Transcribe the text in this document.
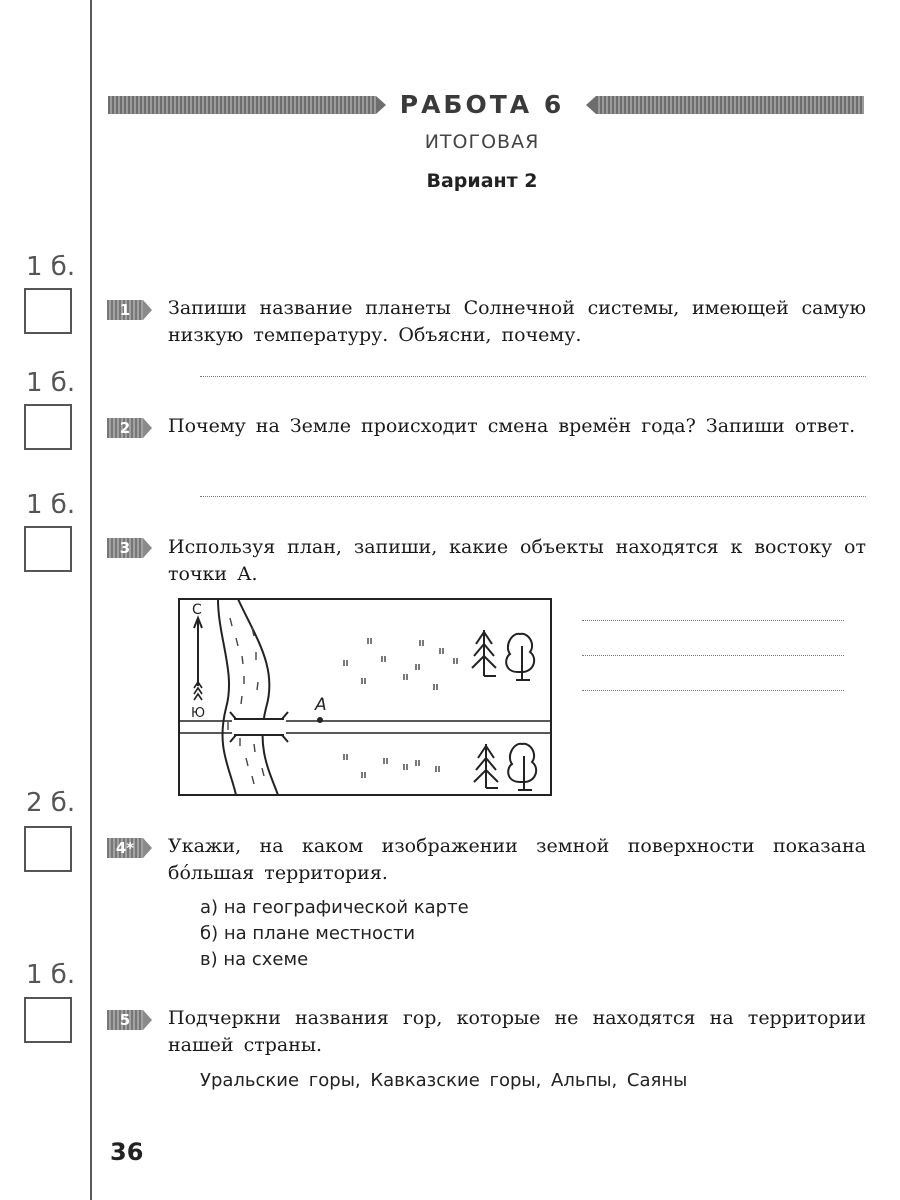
РАБОТА 6
ИТОГОВАЯ
Вариант 2
1 б.
1 б.
1 б.
2 б.
1 б.
1	Запиши название планеты Солнечной системы, имеющей самую низкую температуру. Объясни, почему.
2	Почему на Земле происходит смена времён года? Запиши ответ.
3	Используя план, запиши, какие объекты находятся к востоку от точки А.
С
Ю	А
4*	Укажи, на каком изображении земной поверхности показана бо́льшая территория.
а) на географической карте
б) на плане местности
в) на схеме
5	Подчеркни названия гор, которые не находятся на территории нашей страны.
Уральские горы, Кавказские горы, Альпы, Саяны
36
